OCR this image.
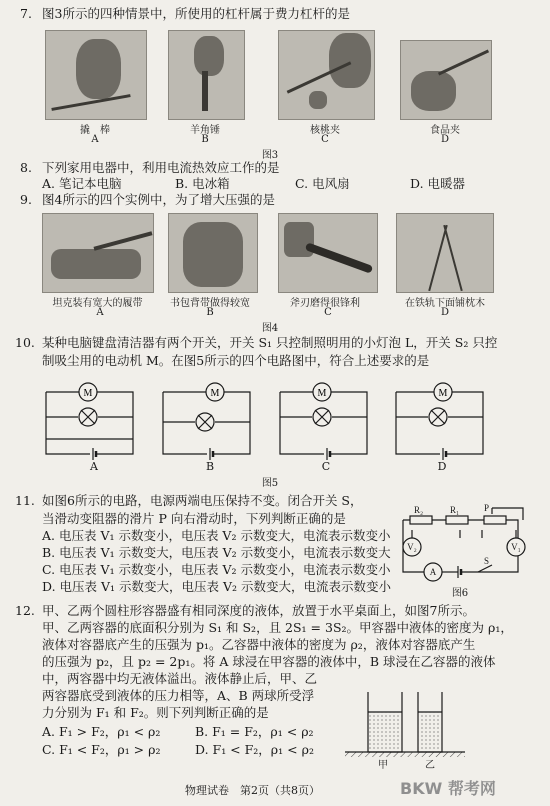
7. 图3所示的四种情景中，所使用的杠杆属于费力杠杆的是
撬　棒	羊角锤	核桃夹	食品夹
A	B	C	D
图3
8. 下列家用电器中，利用电流热效应工作的是
A. 笔记本电脑	B. 电冰箱	C. 电风扇	D. 电暖器
9. 图4所示的四个实例中，为了增大压强的是
坦克装有宽大的履带	书包背带做得较宽	斧刃磨得很锋利	在铁轨下面铺枕木
A	B	C	D
图4
10. 某种电脑键盘清洁器有两个开关，开关 S₁ 只控制照明用的小灯泡 L，开关 S₂ 只控
制吸尘用的电动机 M。在图5所示的四个电路图中，符合上述要求的是
M	M	M	M
A	B	C	D
图5
11. 如图6所示的电路，电源两端电压保持不变。闭合开关 S，
当滑动变阻器的滑片 P 向右滑动时，下列判断正确的是
A. 电压表 V₁ 示数变小，电压表 V₂ 示数变大，电流表示数变小
B. 电压表 V₁ 示数变大，电压表 V₂ 示数变小，电流表示数变大
C. 电压表 V₁ 示数变小，电压表 V₂ 示数变小，电流表示数变小
D. 电压表 V₁ 示数变大，电压表 V₂ 示数变大，电流表示数变小
R₂	R₁	P
V₂	V₁
A
S
图6
12. 甲、乙两个圆柱形容器盛有相同深度的液体，放置于水平桌面上，如图7所示。
甲、乙两容器的底面积分别为 S₁ 和 S₂，且 2S₁ = 3S₂。甲容器中液体的密度为 ρ₁，
液体对容器底产生的压强为 p₁。乙容器中液体的密度为 ρ₂，液体对容器底产生
的压强为 p₂，且 p₂ = 2p₁。将 A 球浸在甲容器的液体中，B 球浸在乙容器的液体
中，两容器中均无液体溢出。液体静止后，甲、乙
两容器底受到液体的压力相等，A、B 两球所受浮
力分别为 F₁ 和 F₂。则下列判断正确的是
A. F₁ > F₂，ρ₁ < ρ₂	B. F₁ = F₂，ρ₁ < ρ₂
C. F₁ < F₂，ρ₁ > ρ₂	D. F₁ < F₂，ρ₁ < ρ₂
甲	乙
物理试卷　第2页（共8页）	BKW 帮考网
